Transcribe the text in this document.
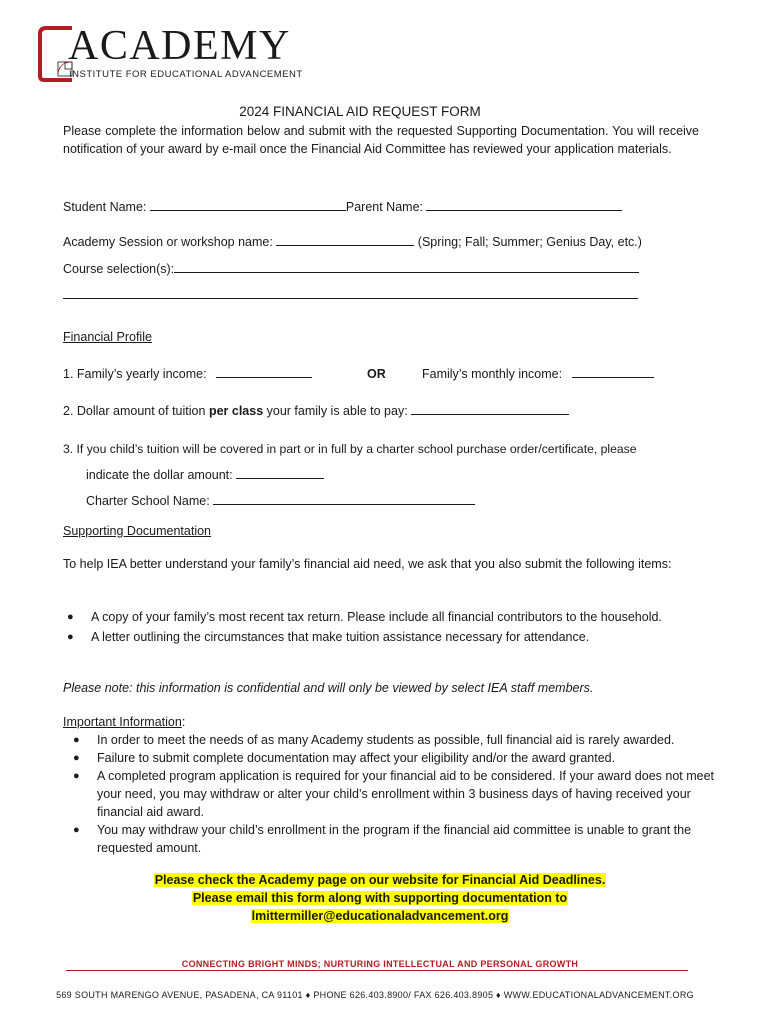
ACADEMY
INSTITUTE FOR EDUCATIONAL ADVANCEMENT
2024 FINANCIAL AID REQUEST FORM
Please complete the information below and submit with the requested Supporting Documentation. You will receive notification of your award by e-mail once the Financial Aid Committee has reviewed your application materials.
Student Name:	Parent Name:
Academy Session or workshop name:	(Spring; Fall; Summer; Genius Day, etc.)
Course selection(s):
Financial Profile
1. Family’s yearly income:	OR	Family’s monthly income:
2. Dollar amount of tuition per class your family is able to pay:
3. If you child’s tuition will be covered in part or in full by a charter school purchase order/certificate, please
indicate the dollar amount:
Charter School Name:
Supporting Documentation
To help IEA better understand your family’s financial aid need, we ask that you also submit the following items:
● A copy of your family’s most recent tax return. Please include all financial contributors to the household.
● A letter outlining the circumstances that make tuition assistance necessary for attendance.
Please note: this information is confidential and will only be viewed by select IEA staff members.
Important Information:
● In order to meet the needs of as many Academy students as possible, full financial aid is rarely awarded.
● Failure to submit complete documentation may affect your eligibility and/or the award granted.
● A completed program application is required for your financial aid to be considered. If your award does not meet your need, you may withdraw or alter your child’s enrollment within 3 business days of having received your financial aid award.
● You may withdraw your child’s enrollment in the program if the financial aid committee is unable to grant the requested amount.
Please check the Academy page on our website for Financial Aid Deadlines.
Please email this form along with supporting documentation to
lmittermiller@educationaladvancement.org
CONNECTING BRIGHT MINDS; NURTURING INTELLECTUAL AND PERSONAL GROWTH
569 SOUTH MARENGO AVENUE, PASADENA, CA 91101 ♦ PHONE 626.403.8900/ FAX 626.403.8905 ♦ WWW.EDUCATIONALADVANCEMENT.ORG
